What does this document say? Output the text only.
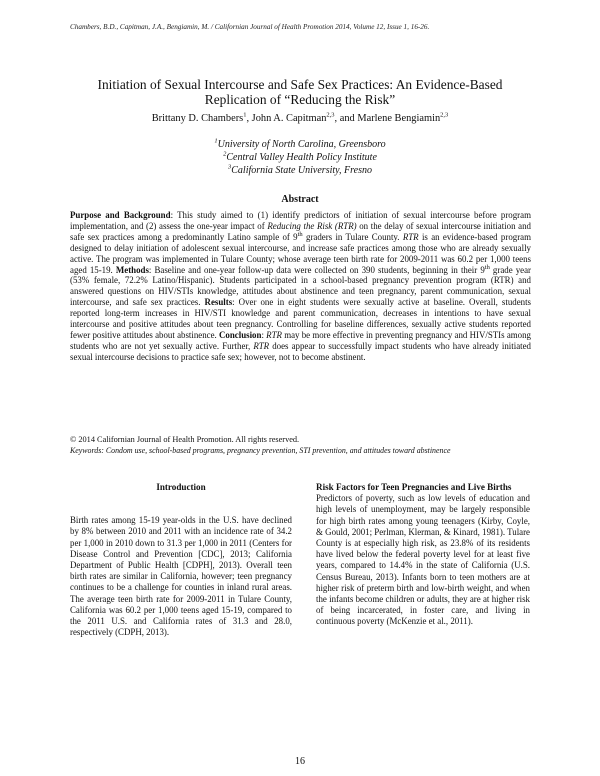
Chambers, B.D., Capitman, J.A., Bengiamin, M. / Californian Journal of Health Promotion 2014, Volume 12, Issue 1, 16-26.
Initiation of Sexual Intercourse and Safe Sex Practices: An Evidence-Based
Replication of “Reducing the Risk”
Brittany D. Chambers$^1$, John A. Capitman$^{2,3}$, and Marlene Bengiamin$^{2,3}$
$^1$University of North Carolina, Greensboro
$^2$Central Valley Health Policy Institute
$^3$California State University, Fresno
Abstract
Purpose and Background: This study aimed to (1) identify predictors of initiation of sexual intercourse before program implementation, and (2) assess the one-year impact of Reducing the Risk (RTR) on the delay of sexual intercourse initiation and safe sex practices among a predominantly Latino sample of 9th graders in Tulare County. RTR is an evidence-based program designed to delay initiation of adolescent sexual intercourse, and increase safe practices among those who are already sexually active. The program was implemented in Tulare County; whose average teen birth rate for 2009-2011 was 60.2 per 1,000 teens aged 15-19. Methods: Baseline and one-year follow-up data were collected on 390 students, beginning in their 9th grade year (53% female, 72.2% Latino/Hispanic). Students participated in a school-based pregnancy prevention program (RTR) and answered questions on HIV/STIs knowledge, attitudes about abstinence and teen pregnancy, parent communication, sexual intercourse, and safe sex practices. Results: Over one in eight students were sexually active at baseline. Overall, students reported long-term increases in HIV/STI knowledge and parent communication, decreases in intentions to have sexual intercourse and positive attitudes about teen pregnancy. Controlling for baseline differences, sexually active students reported fewer positive attitudes about abstinence. Conclusion: RTR may be more effective in preventing pregnancy and HIV/STIs among students who are not yet sexually active. Further, RTR does appear to successfully impact students who have already initiated sexual intercourse decisions to practice safe sex; however, not to become abstinent.
© 2014 Californian Journal of Health Promotion. All rights reserved.
Keywords: Condom use, school-based programs, pregnancy prevention, STI prevention, and attitudes toward abstinence
Introduction

Birth rates among 15-19 year-olds in the U.S. have declined by 8% between 2010 and 2011 with an incidence rate of 34.2 per 1,000 in 2010 down to 31.3 per 1,000 in 2011 (Centers for Disease Control and Prevention [CDC], 2013; California Department of Public Health [CDPH], 2013). Overall teen birth rates are similar in California, however; teen pregnancy continues to be a challenge for counties in inland rural areas. The average teen birth rate for 2009-2011 in Tulare County, California was 60.2 per 1,000 teens aged 15-19, compared to the 2011 U.S. and California rates of 31.3 and 28.0, respectively (CDPH, 2013).

Risk Factors for Teen Pregnancies and Live Births

Predictors of poverty, such as low levels of education and high levels of unemployment, may be largely responsible for high birth rates among young teenagers (Kirby, Coyle, & Gould, 2001; Perlman, Klerman, & Kinard, 1981). Tulare County is at especially high risk, as 23.8% of its residents have lived below the federal poverty level for at least five years, compared to 14.4% in the state of California (U.S. Census Bureau, 2013). Infants born to teen mothers are at higher risk of preterm birth and low-birth weight, and when the infants become children or adults, they are at higher risk of being incarcerated, in foster care, and living in continuous poverty (McKenzie et al., 2011).

16
